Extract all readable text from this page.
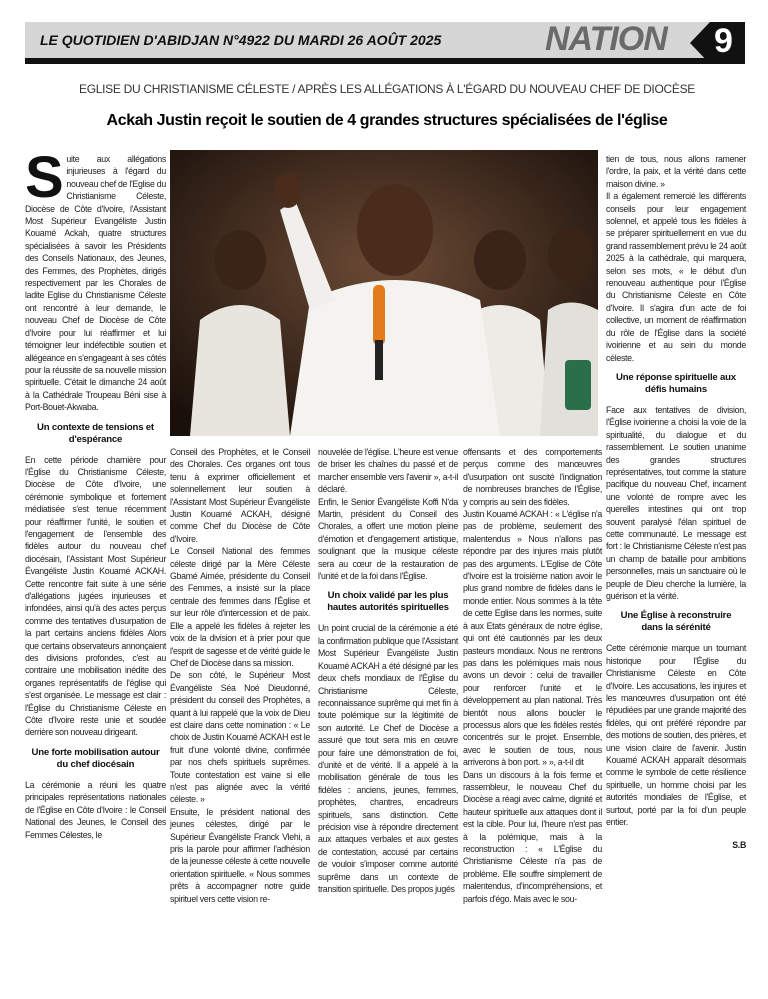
LE QUOTIDIEN D'ABIDJAN N°4922 DU MARDI 26 AOÛT 2025	NATION 9
EGLISE DU CHRISTIANISME CÉLESTE / APRÈS LES ALLÉGATIONS À L'ÉGARD DU NOUVEAU CHEF DE DIOCÈSE
Ackah Justin reçoit le soutien de 4 grandes structures spécialisées de l'église
S uite aux allégations injurieuses à l'égard du nouveau chef de l'Eglise du Christianisme Céleste, Diocèse de Côte d'Ivoire, l'Assistant Most Supérieur Evangéliste Justin Kouamé Ackah, quatre structures spécialisées à savoir les Présidents des Conseils Nationaux, des Jeunes, des Femmes, des Prophètes, dirigés respectivement par les Chorales de ladite Eglise du Christianisme Céleste ont rencontré à leur demande, le nouveau Chef de Diocèse de Côte d'Ivoire pour lui réaffirmer et lui témoigner leur indéfectible soutien et allégeance en s'engageant à ses côtés pour la réussite de sa nouvelle mission spirituelle. C'était le dimanche 24 août à la Cathédrale Troupeau Béni sise à Port-Bouet-Akwaba.

Un contexte de tensions et d'espérance

En cette période charnière pour l'Église du Christianisme Céleste, Diocèse de Côte d'Ivoire, une cérémonie symbolique et fortement médiatisée s'est tenue récemment pour réaffirmer l'unité, le soutien et l'engagement de l'ensemble des fidèles autour du nouveau chef diocésain, l'Assistant Most Supérieur Évangéliste Justin Kouamé ACKAH. Cette rencontre fait suite à une série d'allégations jugées injurieuses et infondées, ainsi qu'à des actes perçus comme des tentatives d'usurpation de la part certains anciens fidèles Alors que certains observateurs annonçaient des divisions profondes, c'est au contraire une mobilisation inédite des organes représentatifs de l'église qui s'est organisée. Le message est clair : l'Église du Christianisme Céleste en Côte d'Ivoire reste unie et soudée derrière son nouveau dirigeant.

Une forte mobilisation autour du chef diocésain

La cérémonie a réuni les quatre principales représentations nationales de l'Église en Côte d'Ivoire : le Conseil National des Jeunes, le Conseil des Femmes Célestes, le

Conseil des Prophètes, et le Conseil des Chorales. Ces organes ont tous tenu à exprimer officiellement et solennellement leur soutien à l'Assistant Most Supérieur Évangéliste Justin Kouamé ACKAH, désigné comme Chef du Diocèse de Côte d'Ivoire.

Le Conseil National des femmes céleste dirigé par la Mère Céleste Gbamé Aimée, présidente du Conseil des Femmes, a insisté sur la place centrale des femmes dans l'Église et sur leur rôle d'intercession et de paix. Elle a appelé les fidèles à rejeter les voix de la division et à prier pour que l'esprit de sagesse et de vérité guide le Chef de Diocèse dans sa mission.

De son côté, le Supérieur Most Évangéliste Séa Noé Dieudonné, président du conseil des Prophètes, a quant à lui rappelé que la voix de Dieu est claire dans cette nomination : « Le choix de Justin Kouamé ACKAH est le fruit d'une volonté divine, confirmée par nos chefs spirituels suprêmes. Toute contestation est vaine si elle n'est pas alignée avec la vérité céleste. »

Ensuite, le président national des jeunes célestes, dirigé par le Supérieur Évangéliste Franck Vlehi, a pris la parole pour affirmer l'adhésion de la jeunesse céleste à cette nouvelle orientation spirituelle. « Nous sommes prêts à accompagner notre guide spirituel vers cette vision re-

nouvelée de l'église. L'heure est venue de briser les chaînes du passé et de marcher ensemble vers l'avenir », a-t-il déclaré.

Enfin, le Senior Évangéliste Koffi N'da Martin, président du Conseil des Chorales, a offert une motion pleine d'émotion et d'engagement artistique, soulignant que la musique céleste sera au cœur de la restauration de l'unité et de la foi dans l'Église.

Un choix validé par les plus hautes autorités spirituelles

Un point crucial de la cérémonie a été la confirmation publique que l'Assistant Most Supérieur Évangéliste Justin Kouamé ACKAH a été désigné par les deux chefs mondiaux de l'Église du Christianisme Céleste, reconnaissance suprême qui met fin à toute polémique sur la légitimité de son autorité. Le Chef de Diocèse a assuré que tout sera mis en œuvre pour faire une démonstration de foi, d'unité et de vérité. Il a appelé à la mobilisation générale de tous les fidèles : anciens, jeunes, femmes, prophètes, chantres, encadreurs spirituels, sans distinction. Cette précision vise à répondre directement aux attaques verbales et aux gestes de contestation, accusé par certains de vouloir s'imposer comme autorité suprême dans un contexte de transition spirituelle. Des propos jugés

offensants et des comportements perçus comme des manœuvres d'usurpation ont suscité l'indignation de nombreuses branches de l'Église, y compris au sein des fidèles.

Justin Kouamé ACKAH : « L'église n'a pas de problème, seulement des malentendus » Nous n'allons pas répondre par des injures mais plutôt pas des arguments. L'Eglise de Côte d'Ivoire est la troisième nation avoir le plus grand nombre de fidèles dans le monde entier. Nous sommes à la tête de cette Eglise dans les normes, suite à aux Etats généraux de notre église, qui ont été cautionnés par les deux pasteurs mondiaux. Nous ne rentrons pas dans les polémiques mais nous avons un devoir : celui de travailler pour renforcer l'unité et le développement au plan national. Très bientôt nous allons boucler le processus alors que les fidèles restés concentrés sur le projet. Ensemble, avec le soutien de tous, nous arriverons à bon port. » », a-t-il dit

Dans un discours à la fois ferme et rassembleur, le nouveau Chef du Diocèse a réagi avec calme, dignité et hauteur spirituelle aux attaques dont il est la cible. Pour lui, l'heure n'est pas à la polémique, mais à la reconstruction : « L'Église du Christianisme Céleste n'a pas de problème. Elle souffre simplement de malentendus, d'incompréhensions, et parfois d'égo. Mais avec le sou-

tien de tous, nous allons ramener l'ordre, la paix, et la vérité dans cette maison divine. »

Il a également remercié les différents conseils pour leur engagement solennel, et appelé tous les fidèles à se préparer spirituellement en vue du grand rassemblement prévu le 24 août 2025 à la cathédrale, qui marquera, selon ses mots, « le début d'un renouveau authentique pour l'Église du Christianisme Céleste en Côte d'Ivoire. Il s'agira d'un acte de foi collective, un moment de réaffirmation du rôle de l'Église dans la société ivoirienne et au sein du monde céleste.

Une réponse spirituelle aux défis humains

Face aux tentatives de division, l'Église ivoirienne a choisi la voie de la spiritualité, du dialogue et du rassemblement. Le soutien unanime des grandes structures représentatives, tout comme la stature pacifique du nouveau Chef, incarnent une volonté de rompre avec les querelles intestines qui ont trop souvent paralysé l'élan spirituel de cette communauté. Le message est fort : le Christianisme Céleste n'est pas un champ de bataille pour ambitions personnelles, mais un sanctuaire où le peuple de Dieu cherche la lumière, la guérison et la vérité.

Une Église à reconstruire dans la sérénité

Cette cérémonie marque un tournant historique pour l'Église du Christianisme Céleste en Côte d'Ivoire. Les accusations, les injures et les manœuvres d'usurpation ont été répudiées par une grande majorité des fidèles, qui ont préféré répondre par des motions de soutien, des prières, et une vision claire de l'avenir. Justin Kouamé ACKAH apparaît désormais comme le symbole de cette résilience spirituelle, un homme choisi par les autorités mondiales de l'Église, et surtout, porté par la foi d'un peuple entier.

S.B
